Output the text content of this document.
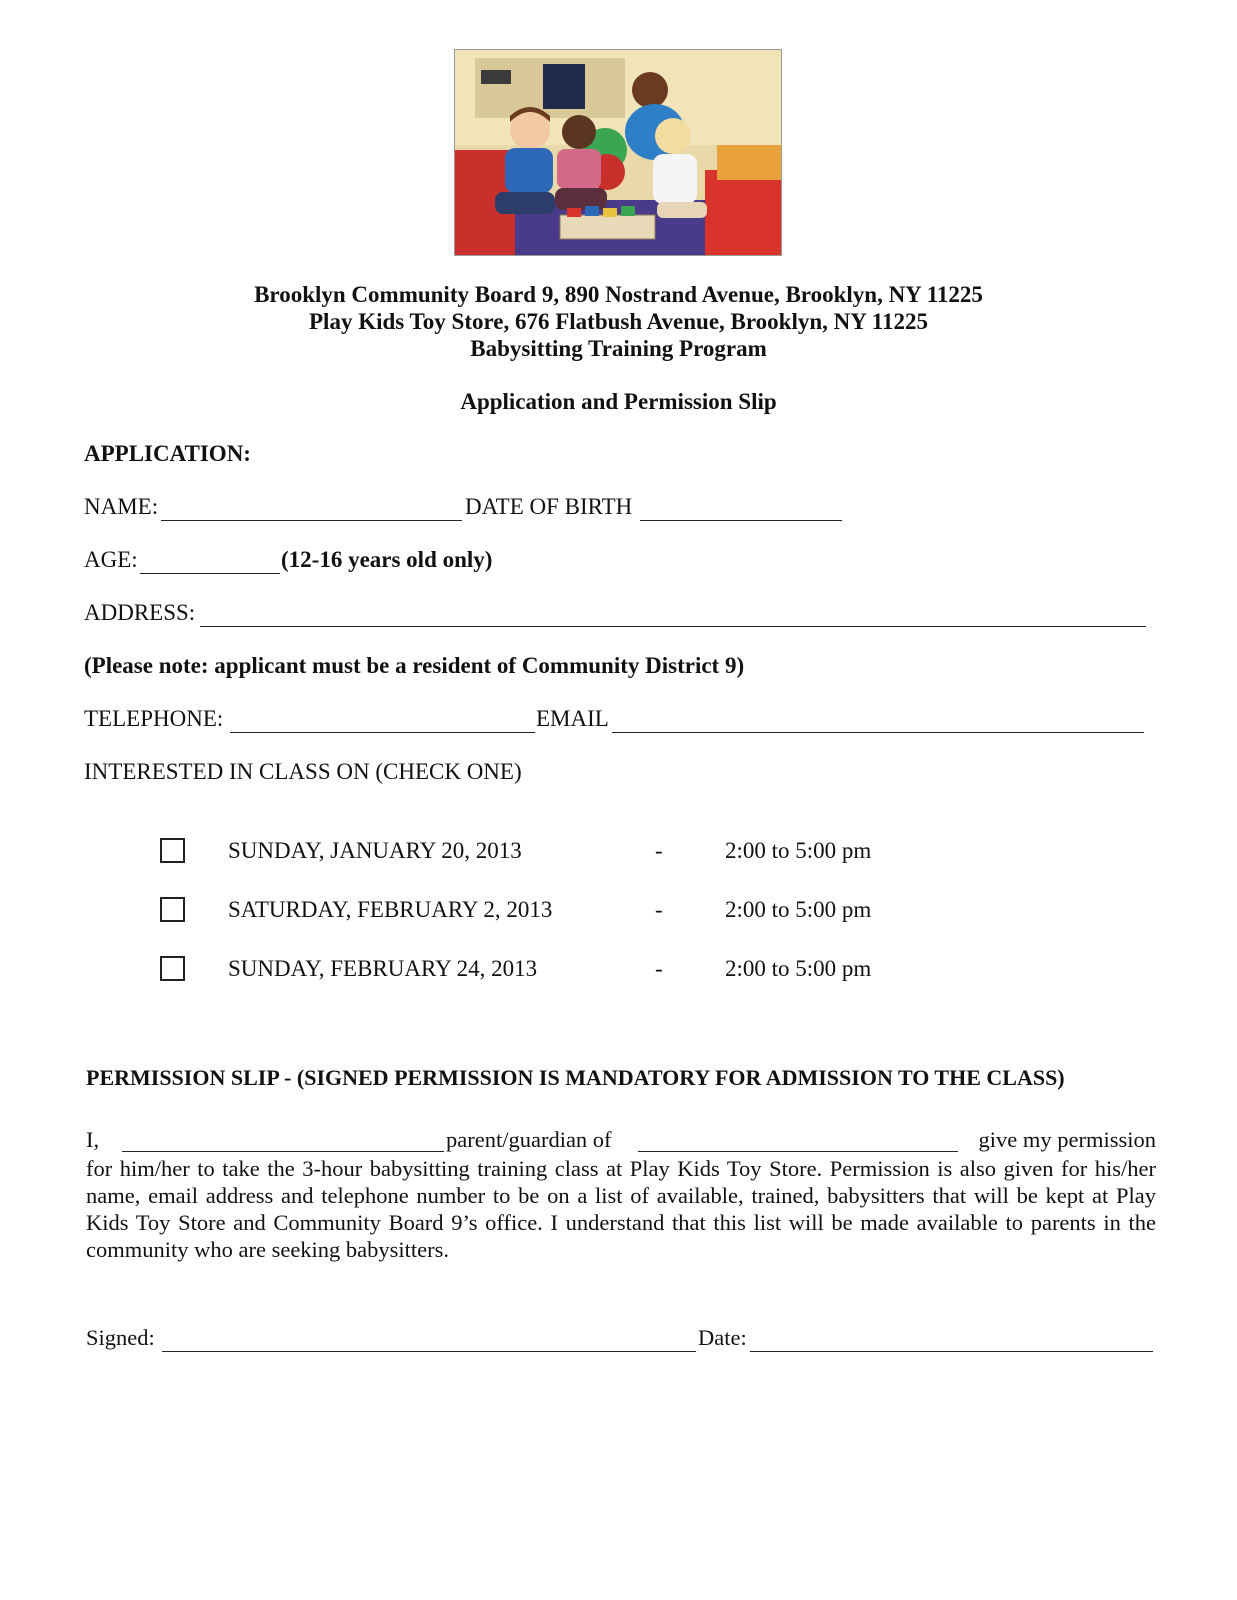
Brooklyn Community Board 9, 890 Nostrand Avenue, Brooklyn, NY 11225
Play Kids Toy Store, 676 Flatbush Avenue, Brooklyn, NY 11225
Babysitting Training Program
Application and Permission Slip
APPLICATION:
NAME:	DATE OF BIRTH
AGE:	(12-16 years old only)
ADDRESS:
(Please note: applicant must be a resident of Community District 9)
TELEPHONE:	EMAIL
INTERESTED IN CLASS ON (CHECK ONE)
SUNDAY, JANUARY 20, 2013	-	2:00 to 5:00 pm
SATURDAY, FEBRUARY 2, 2013	-	2:00 to 5:00 pm
SUNDAY, FEBRUARY 24, 2013	-	2:00 to 5:00 pm
PERMISSION SLIP - (SIGNED PERMISSION IS MANDATORY FOR ADMISSION TO THE CLASS)
I,	parent/guardian of	give my permission
for him/her to take the 3-hour babysitting training class at Play Kids Toy Store. Permission is also given for his/her name, email address and telephone number to be on a list of available, trained, babysitters that will be kept at Play Kids Toy Store and Community Board 9’s office. I understand that this list will be made available to parents in the community who are seeking babysitters.
Signed:	Date:
